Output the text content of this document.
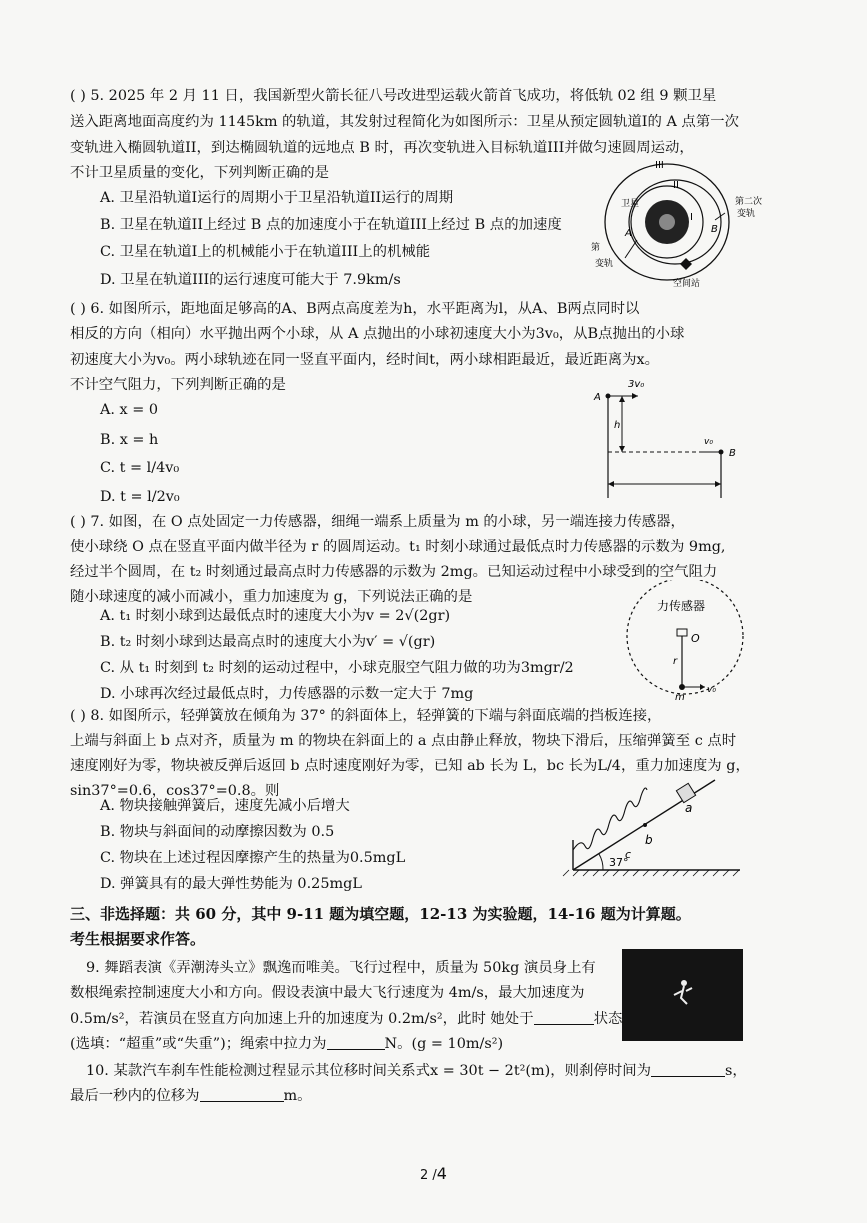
( ) 5. 2025 年 2 月 11 日，我国新型火箭长征八号改进型运载火箭首飞成功，将低轨 02 组 9 颗卫星
送入距离地面高度约为 1145km 的轨道，其发射过程简化为如图所示：卫星从预定圆轨道I的 A 点第一次
变轨进入椭圆轨道II，到达椭圆轨道的远地点 B 时，再次变轨进入目标轨道III并做匀速圆周运动，
不计卫星质量的变化，下列判断正确的是
A. 卫星沿轨道I运行的周期小于卫星沿轨道II运行的周期
B. 卫星在轨道II上经过 B 点的加速度小于在轨道III上经过 B 点的加速度
C. 卫星在轨道I上的机械能小于在轨道III上的机械能
D. 卫星在轨道III的运行速度可能大于 7.9km/s
III
II
I
卫星
A	B
第二次
变轨
第
变轨
空间站
( ) 6. 如图所示，距地面足够高的A、B两点高度差为h，水平距离为l，从A、B两点同时以
相反的方向（相向）水平抛出两个小球，从 A 点抛出的小球初速度大小为3v₀，从B点抛出的小球
初速度大小为v₀。两小球轨迹在同一竖直平面内，经时间t，两小球相距最近，最近距离为x。
不计空气阻力，下列判断正确的是
A. x = 0
B. x = h
C. t = l/4v₀
D. t = l/2v₀
A
3v₀
h
v₀
B
( ) 7. 如图，在 O 点处固定一力传感器，细绳一端系上质量为 m 的小球，另一端连接力传感器，
使小球绕 O 点在竖直平面内做半径为 r 的圆周运动。t₁ 时刻小球通过最低点时力传感器的示数为 9mg,
经过半个圆周，在 t₂ 时刻通过最高点时力传感器的示数为 2mg。已知运动过程中小球受到的空气阻力
随小球速度的减小而减小，重力加速度为 g，下列说法正确的是
A. t₁ 时刻小球到达最低点时的速度大小为v = 2√(2gr)
B. t₂ 时刻小球到达最高点时的速度大小为v′ = √(gr)
C. 从 t₁ 时刻到 t₂ 时刻的运动过程中，小球克服空气阻力做的功为3mgr/2
D. 小球再次经过最低点时，力传感器的示数一定大于 7mg
力传感器
O
r
m
v₀
( ) 8. 如图所示，轻弹簧放在倾角为 37° 的斜面体上，轻弹簧的下端与斜面底端的挡板连接，
上端与斜面上 b 点对齐，质量为 m 的物块在斜面上的 a 点由静止释放，物块下滑后，压缩弹簧至 c 点时
速度刚好为零，物块被反弹后返回 b 点时速度刚好为零，已知 ab 长为 L，bc 长为L/4，重力加速度为 g，
sin37°=0.6，cos37°=0.8。则
A. 物块接触弹簧后，速度先减小后增大
B. 物块与斜面间的动摩擦因数为 0.5
C. 物块在上述过程因摩擦产生的热量为0.5mgL
D. 弹簧具有的最大弹性势能为 0.25mgL
a
b
c
37°
三、非选择题：共 60 分，其中 9-11 题为填空题，12-13 为实验题，14-16 题为计算题。
考生根据要求作答。
9. 舞蹈表演《弄潮涛头立》飘逸而唯美。飞行过程中，质量为 50kg 演员身上有
数根绳索控制速度大小和方向。假设表演中最大飞行速度为 4m/s，最大加速度为
0.5m/s²，若演员在竖直方向加速上升的加速度为 0.2m/s²，此时 她处于	状态
(选填：“超重”或“失重”)；绳索中拉力为	N。(g = 10m/s²)
10. 某款汽车刹车性能检测过程显示其位移时间关系式x = 30t − 2t²(m)，则刹停时间为	s，
最后一秒内的位移为	m。
2 /4
